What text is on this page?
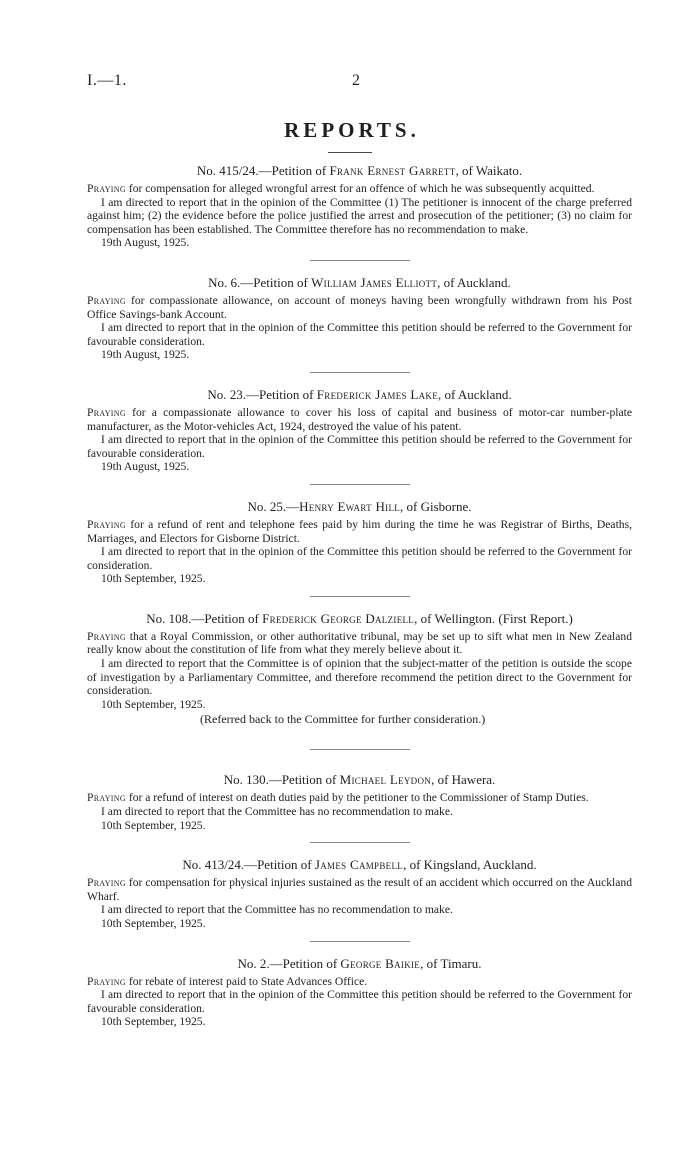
I.—1.	2
REPORTS.

No. 415/24.—Petition of Frank Ernest Garrett, of Waikato.

Praying for compensation for alleged wrongful arrest for an offence of which he was subsequently acquitted.

I am directed to report that in the opinion of the Committee (1) The petitioner is innocent of the charge preferred against him; (2) the evidence before the police justified the arrest and prosecution of the petitioner; (3) no claim for compensation has been established. The Committee therefore has no recommendation to make.

19th August, 1925.

No. 6.—Petition of William James Elliott, of Auckland.

Praying for compassionate allowance, on account of moneys having been wrongfully withdrawn from his Post Office Savings-bank Account.

I am directed to report that in the opinion of the Committee this petition should be referred to the Government for favourable consideration.

19th August, 1925.

No. 23.—Petition of Frederick James Lake, of Auckland.

Praying for a compassionate allowance to cover his loss of capital and business of motor-car number-plate manufacturer, as the Motor-vehicles Act, 1924, destroyed the value of his patent.

I am directed to report that in the opinion of the Committee this petition should be referred to the Government for favourable consideration.

19th August, 1925.

No. 25.—Henry Ewart Hill, of Gisborne.

Praying for a refund of rent and telephone fees paid by him during the time he was Registrar of Births, Deaths, Marriages, and Electors for Gisborne District.

I am directed to report that in the opinion of the Committee this petition should be referred to the Government for consideration.

10th September, 1925.

No. 108.—Petition of Frederick George Dalziell, of Wellington. (First Report.)

Praying that a Royal Commission, or other authoritative tribunal, may be set up to sift what men in New Zealand really know about the constitution of life from what they merely believe about it.

I am directed to report that the Committee is of opinion that the subject-matter of the petition is outside the scope of investigation by a Parliamentary Committee, and therefore recommend the petition direct to the Government for consideration.

10th September, 1925.

(Referred back to the Committee for further consideration.)

No. 130.—Petition of Michael Leydon, of Hawera.

Praying for a refund of interest on death duties paid by the petitioner to the Commissioner of Stamp Duties.

I am directed to report that the Committee has no recommendation to make.

10th September, 1925.

No. 413/24.—Petition of James Campbell, of Kingsland, Auckland.

Praying for compensation for physical injuries sustained as the result of an accident which occurred on the Auckland Wharf.

I am directed to report that the Committee has no recommendation to make.

10th September, 1925.

No. 2.—Petition of George Baikie, of Timaru.

Praying for rebate of interest paid to State Advances Office.

I am directed to report that in the opinion of the Committee this petition should be referred to the Government for favourable consideration.

10th September, 1925.
